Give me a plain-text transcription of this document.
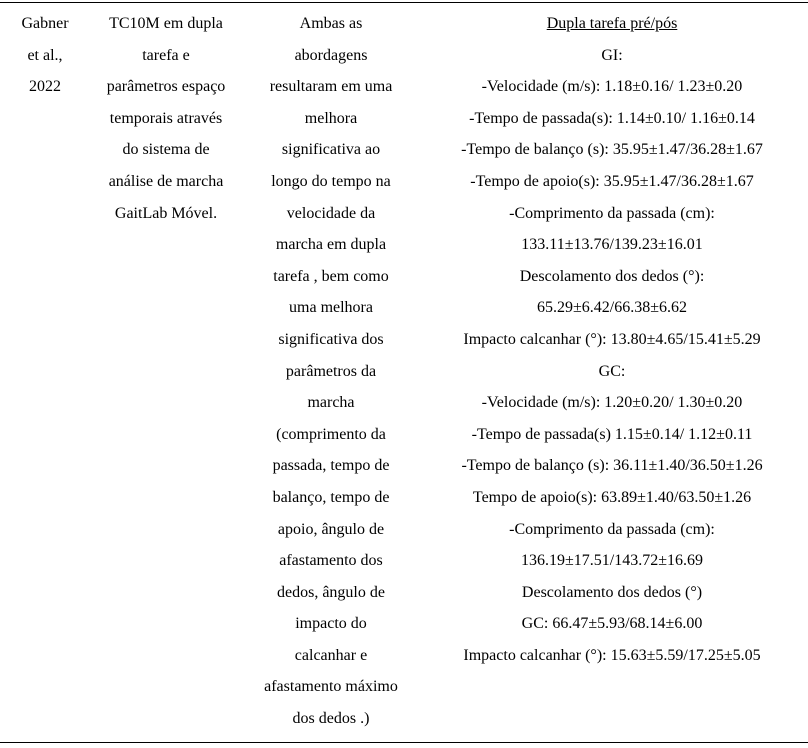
Gabner
et al.,
2022
TC10M em dupla
tarefa e
parâmetros espaço
temporais através
do sistema de
análise de marcha
GaitLab Móvel.
Ambas as
abordagens
resultaram em uma
melhora
significativa ao
longo do tempo na
velocidade da
marcha em dupla
tarefa , bem como
uma melhora
significativa dos
parâmetros da
marcha
(comprimento da
passada, tempo de
balanço, tempo de
apoio, ângulo de
afastamento dos
dedos, ângulo de
impacto do
calcanhar e
afastamento máximo
dos dedos .)
Dupla tarefa pré/pós
GI:
-Velocidade (m/s): 1.18±0.16/ 1.23±0.20
-Tempo de passada(s): 1.14±0.10/ 1.16±0.14
-Tempo de balanço (s): 35.95±1.47/36.28±1.67
-Tempo de apoio(s): 35.95±1.47/36.28±1.67
-Comprimento da passada (cm):
133.11±13.76/139.23±16.01
Descolamento dos dedos (°):
65.29±6.42/66.38±6.62
Impacto calcanhar (°): 13.80±4.65/15.41±5.29
GC:
-Velocidade (m/s): 1.20±0.20/ 1.30±0.20
-Tempo de passada(s) 1.15±0.14/ 1.12±0.11
-Tempo de balanço (s): 36.11±1.40/36.50±1.26
Tempo de apoio(s): 63.89±1.40/63.50±1.26
-Comprimento da passada (cm):
136.19±17.51/143.72±16.69
Descolamento dos dedos (°)
GC: 66.47±5.93/68.14±6.00
Impacto calcanhar (°): 15.63±5.59/17.25±5.05
